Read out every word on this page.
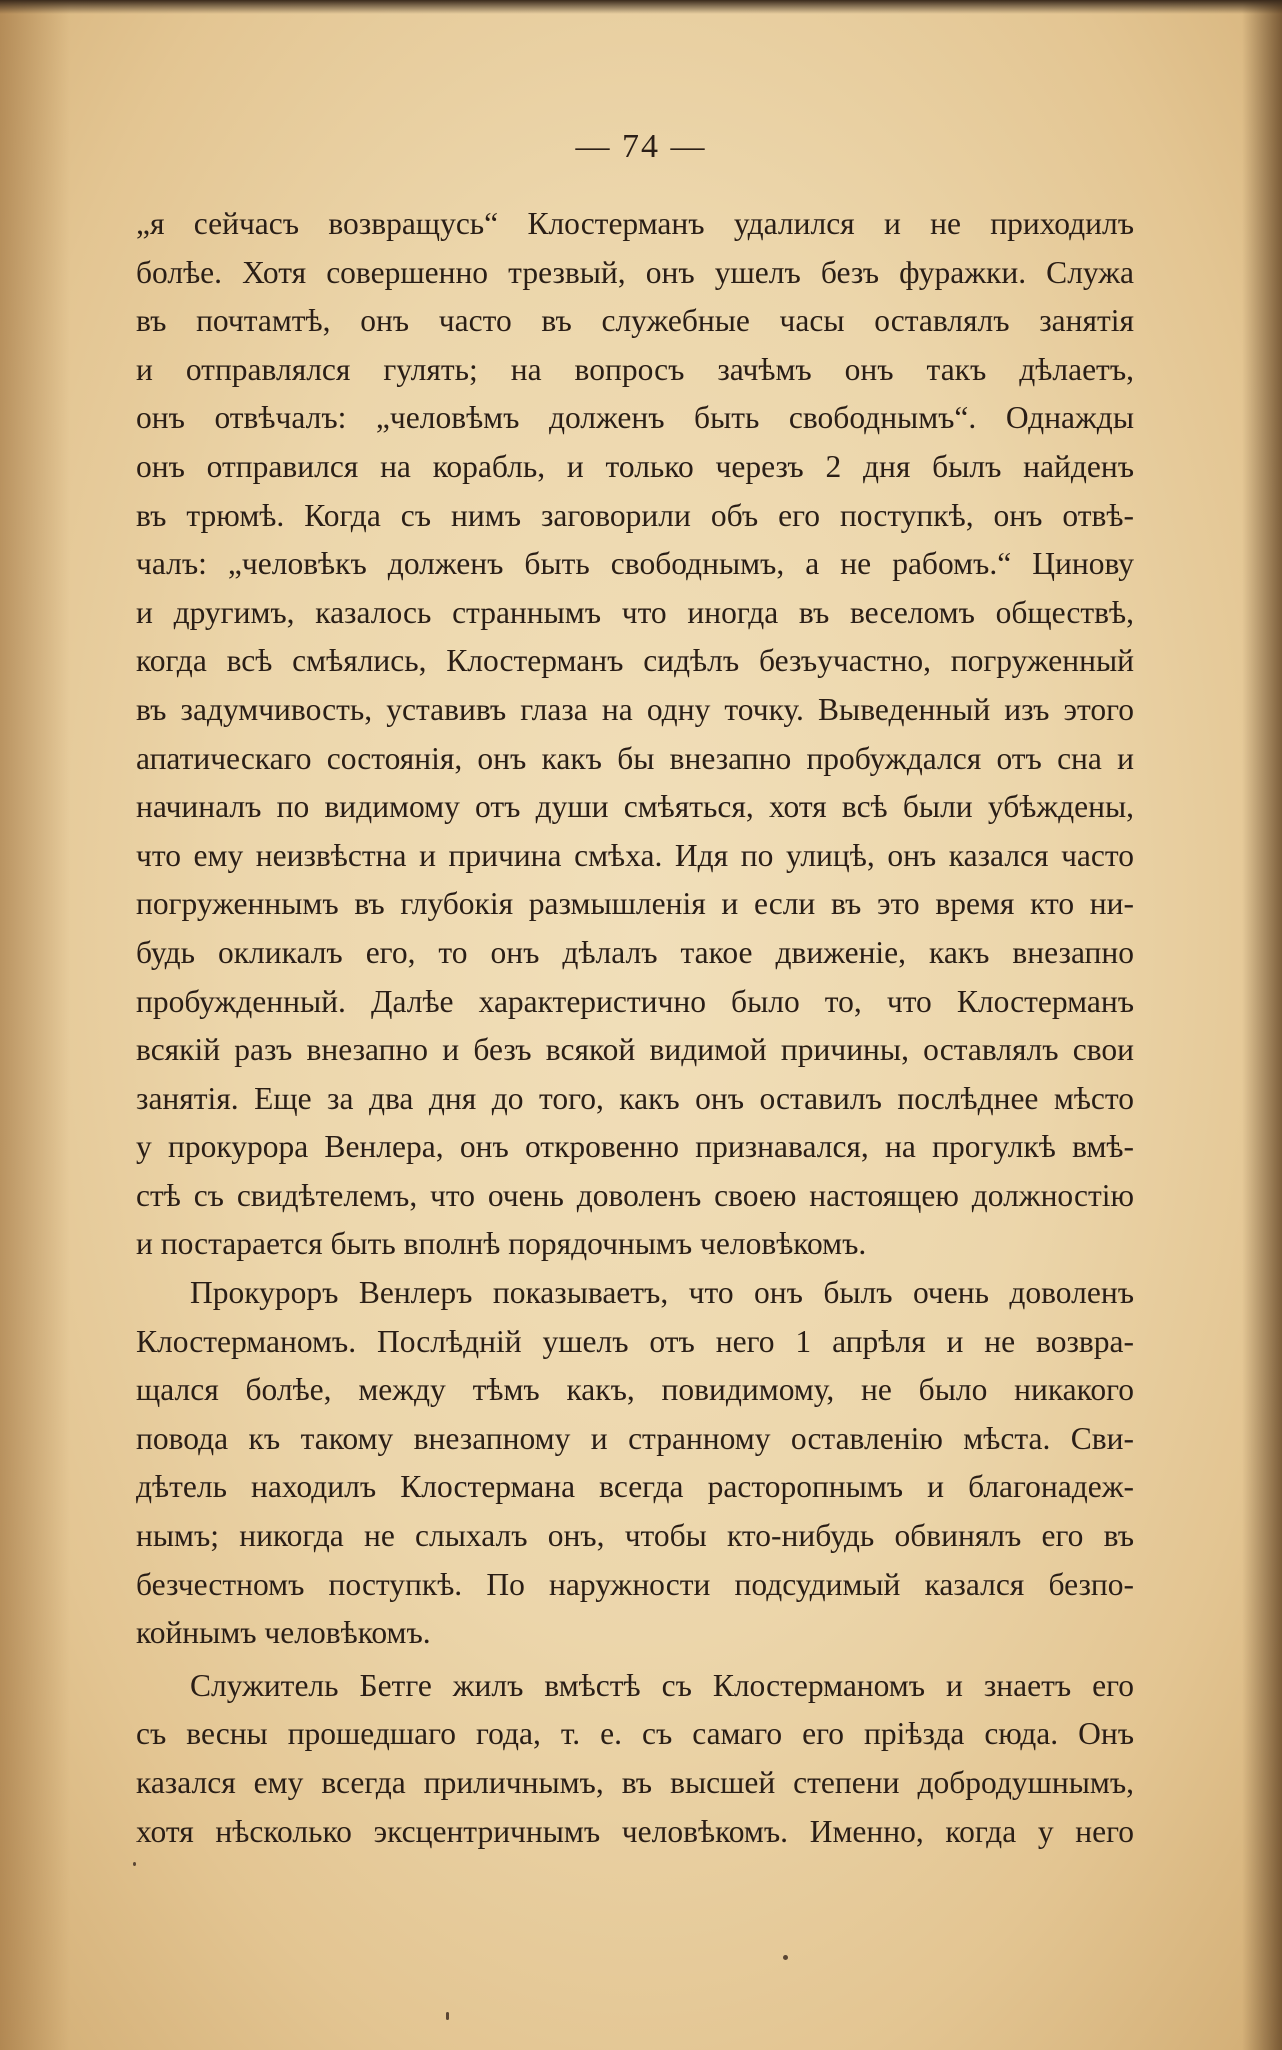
— 74 —
„я сейчасъ возвращусь“ Клостерманъ удалился и не приходилъ
болѣе. Хотя совершенно трезвый, онъ ушелъ безъ фуражки. Служа
въ почтамтѣ, онъ часто въ служебные часы оставлялъ занятія
и отправлялся гулять; на вопросъ зачѣмъ онъ такъ дѣлаетъ,
онъ отвѣчалъ: „человѣмъ долженъ быть свободнымъ“. Однажды
онъ отправился на корабль, и только черезъ 2 дня былъ найденъ
въ трюмѣ. Когда съ нимъ заговорили объ его поступкѣ, онъ отвѣ-
чалъ: „человѣкъ долженъ быть свободнымъ, а не рабомъ.“ Цинову
и другимъ, казалось страннымъ что иногда въ веселомъ обществѣ,
когда всѣ смѣялись, Клостерманъ сидѣлъ безъучастно, погруженный
въ задумчивость, уставивъ глаза на одну точку. Выведенный изъ этого
апатическаго состоянія, онъ какъ бы внезапно пробуждался отъ сна и
начиналъ по видимому отъ души смѣяться, хотя всѣ были убѣждены,
что ему неизвѣстна и причина смѣха. Идя по улицѣ, онъ казался часто
погруженнымъ въ глубокія размышленія и если въ это время кто ни-
будь окликалъ его, то онъ дѣлалъ такое движеніе, какъ внезапно
пробужденный. Далѣе характеристично было то, что Клостерманъ
всякій разъ внезапно и безъ всякой видимой причины, оставлялъ свои
занятія. Еще за два дня до того, какъ онъ оставилъ послѣднее мѣсто
у прокурора Венлера, онъ откровенно признавался, на прогулкѣ вмѣ-
стѣ съ свидѣтелемъ, что очень доволенъ своею настоящею должностію
и постарается быть вполнѣ порядочнымъ человѣкомъ.
Прокуроръ Венлеръ показываетъ, что онъ былъ очень доволенъ
Клостерманомъ. Послѣдній ушелъ отъ него 1 апрѣля и не возвра-
щался болѣе, между тѣмъ какъ, повидимому, не было никакого
повода къ такому внезапному и странному оставленію мѣста. Сви-
дѣтель находилъ Клостермана всегда расторопнымъ и благонадеж-
нымъ; никогда не слыхалъ онъ, чтобы кто-нибудь обвинялъ его въ
безчестномъ поступкѣ. По наружности подсудимый казался безпо-
койнымъ человѣкомъ.
Служитель Бетге жилъ вмѣстѣ съ Клостерманомъ и знаетъ его
съ весны прошедшаго года, т. е. съ самаго его пріѣзда сюда. Онъ
казался ему всегда приличнымъ, въ высшей степени добродушнымъ,
хотя нѣсколько эксцентричнымъ человѣкомъ. Именно, когда у него
